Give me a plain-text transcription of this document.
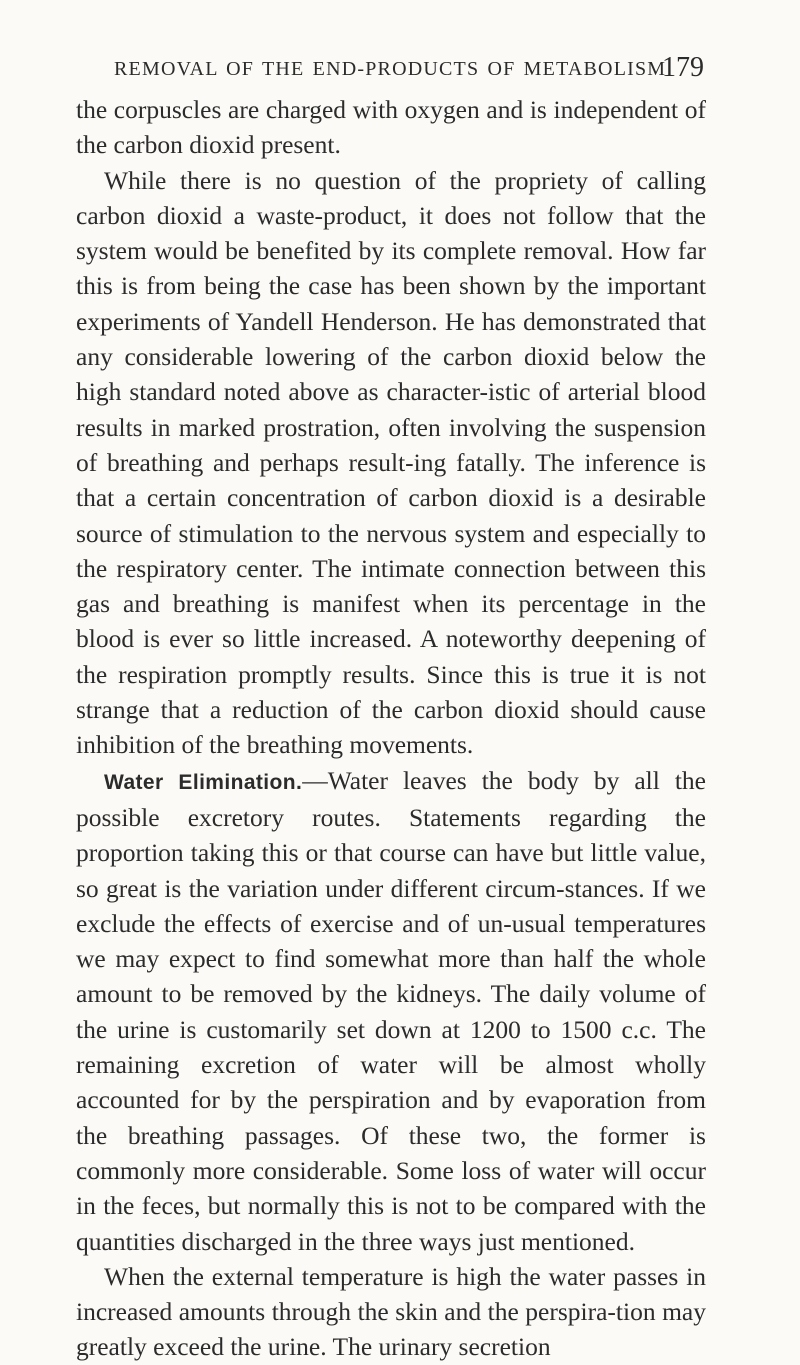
REMOVAL OF THE END-PRODUCTS OF METABOLISM
179

the corpuscles are charged with oxygen and is independent of the carbon dioxid present.

While there is no question of the propriety of calling carbon dioxid a waste-product, it does not follow that the system would be benefited by its complete removal. How far this is from being the case has been shown by the important experiments of Yandell Henderson. He has demonstrated that any considerable lowering of the carbon dioxid below the high standard noted above as character-istic of arterial blood results in marked prostration, often involving the suspension of breathing and perhaps result-ing fatally. The inference is that a certain concentration of carbon dioxid is a desirable source of stimulation to the nervous system and especially to the respiratory center. The intimate connection between this gas and breathing is manifest when its percentage in the blood is ever so little increased. A noteworthy deepening of the respiration promptly results. Since this is true it is not strange that a reduction of the carbon dioxid should cause inhibition of the breathing movements.

Water Elimination.—Water leaves the body by all the possible excretory routes. Statements regarding the proportion taking this or that course can have but little value, so great is the variation under different circum-stances. If we exclude the effects of exercise and of un-usual temperatures we may expect to find somewhat more than half the whole amount to be removed by the kidneys. The daily volume of the urine is customarily set down at 1200 to 1500 c.c. The remaining excretion of water will be almost wholly accounted for by the perspiration and by evaporation from the breathing passages. Of these two, the former is commonly more considerable. Some loss of water will occur in the feces, but normally this is not to be compared with the quantities discharged in the three ways just mentioned.

When the external temperature is high the water passes in increased amounts through the skin and the perspira-tion may greatly exceed the urine. The urinary secretion
